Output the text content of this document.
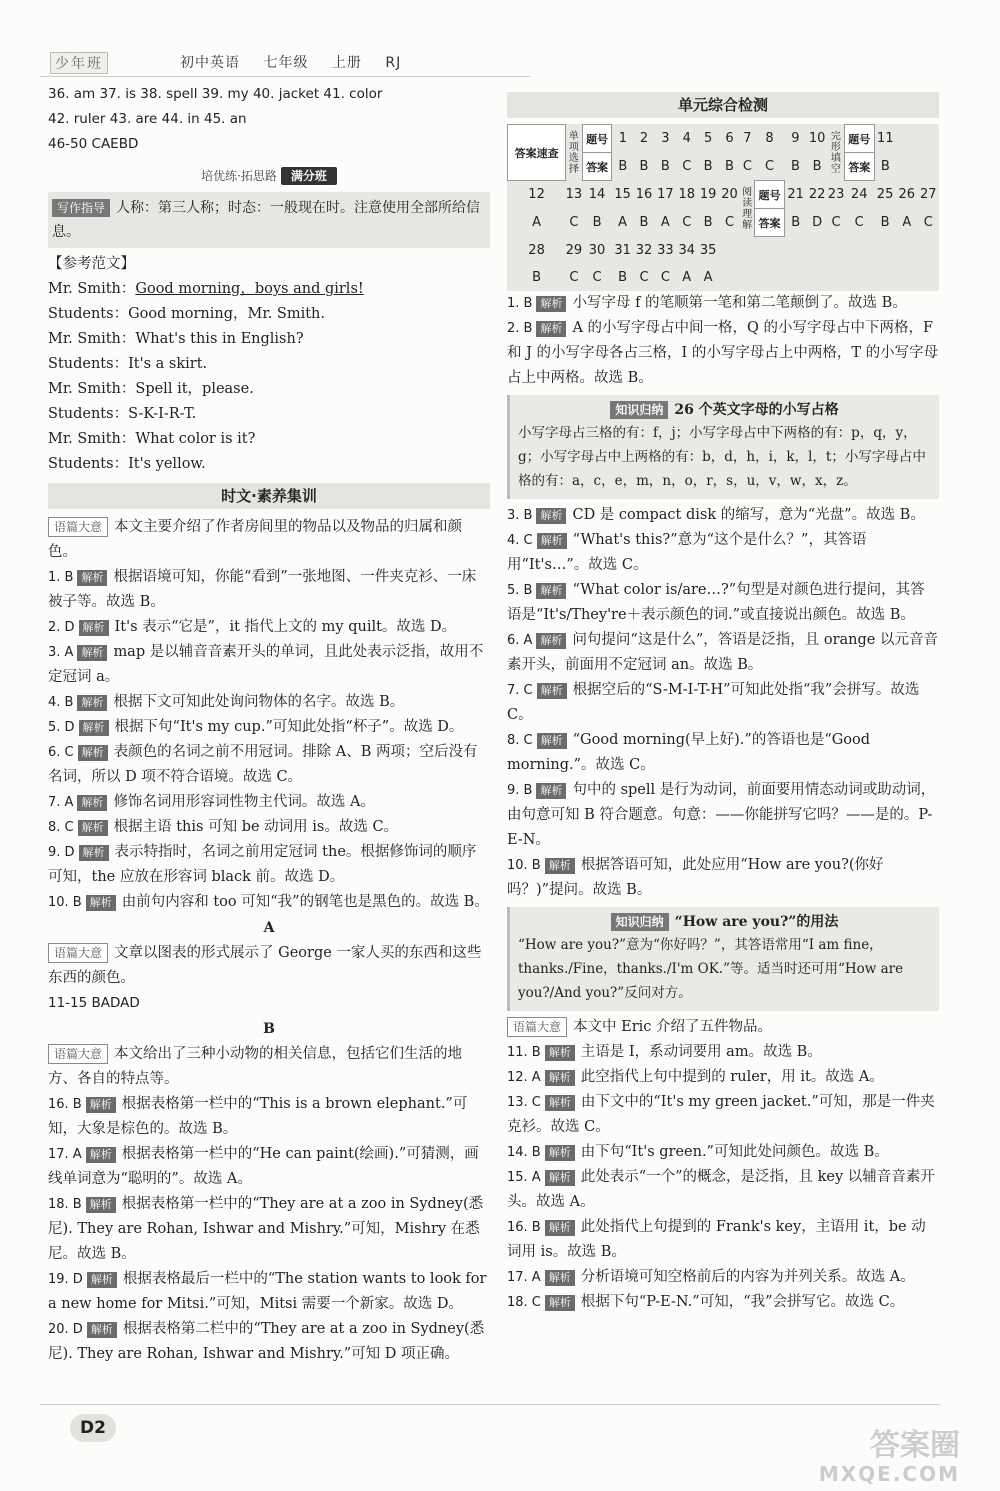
少年班	初中英语 七年级 上册 RJ
36. am 37. is 38. spell 39. my 40. jacket 41. color
42. ruler 43. are 44. in 45. an
46-50 CAEBD
培优练·拓思路 满分班
写作指导 人称：第三人称；时态：一般现在时。注意使用全部所给信息。
【参考范文】
Mr. Smith：Good morning，boys and girls!
Students：Good morning，Mr. Smith.
Mr. Smith：What's this in English?
Students：It's a skirt.
Mr. Smith：Spell it，please.
Students：S-K-I-R-T.
Mr. Smith：What color is it?
Students：It's yellow.
时文·素养集训
语篇大意 本文主要介绍了作者房间里的物品以及物品的归属和颜色。
1. B 解析 根据语境可知，你能“看到”一张地图、一件夹克衫、一床被子等。故选 B。
2. D 解析 It's 表示“它是”，it 指代上文的 my quilt。故选 D。
3. A 解析 map 是以辅音音素开头的单词，且此处表示泛指，故用不定冠词 a。
4. B 解析 根据下文可知此处询问物体的名字。故选 B。
5. D 解析 根据下句“It's my cup.”可知此处指“杯子”。故选 D。
6. C 解析 表颜色的名词之前不用冠词。排除 A、B 两项；空后没有名词，所以 D 项不符合语境。故选 C。
7. A 解析 修饰名词用形容词性物主代词。故选 A。
8. C 解析 根据主语 this 可知 be 动词用 is。故选 C。
9. D 解析 表示特指时，名词之前用定冠词 the。根据修饰词的顺序可知，the 应放在形容词 black 前。故选 D。
10. B 解析 由前句内容和 too 可知“我”的钢笔也是黑色的。故选 B。
A
语篇大意 文章以图表的形式展示了 George 一家人买的东西和这些东西的颜色。
11-15 BADAD
B
语篇大意 本文给出了三种小动物的相关信息，包括它们生活的地方、各自的特点等。
16. B 解析 根据表格第一栏中的“This is a brown elephant.”可知，大象是棕色的。故选 B。
17. A 解析 根据表格第一栏中的“He can paint(绘画).”可猜测，画线单词意为“聪明的”。故选 A。
18. B 解析 根据表格第一栏中的“They are at a zoo in Sydney(悉尼). They are Rohan, Ishwar and Mishry.”可知，Mishry 在悉尼。故选 B。
19. D 解析 根据表格最后一栏中的“The station wants to look for a new home for Mitsi.”可知，Mitsi 需要一个新家。故选 D。
20. D 解析 根据表格第二栏中的“They are at a zoo in Sydney(悉尼). They are Rohan, Ishwar and Mishry.”可知 D 项正确。
单元综合检测
答案速查	单项选择	题号	1	2	3	4	5	6	7	8	9	10	完形填空	题号	11		
		答案	B	B	B	C	B	B	C	C	B	B		答案	B		
12	13	14	15	16	17	18	19	20	阅读理解	题号	21	22	23	24	25	26	27
A	C	B	A	B	A	C	B	C		答案	B	D	C	C	B	A	C
28	29	30	31	32	33	34	35										
B	C	C	B	C	C	A	A										
1. B 解析 小写字母 f 的笔顺第一笔和第二笔颠倒了。故选 B。
2. B 解析 A 的小写字母占中间一格，Q 的小写字母占中下两格，F 和 J 的小写字母各占三格，I 的小写字母占上中两格，T 的小写字母占上中两格。故选 B。
知识归纳 26 个英文字母的小写占格
小写字母占三格的有：f，j；小写字母占中下两格的有：p，q，y，g；小写字母占中上两格的有：b，d，h，i，k，l，t；小写字母占中格的有：a，c，e，m，n，o，r，s，u，v，w，x，z。
3. B 解析 CD 是 compact disk 的缩写，意为“光盘”。故选 B。
4. C 解析 “What's this?”意为“这个是什么？”，其答语用“It's…”。故选 C。
5. B 解析 “What color is/are…?”句型是对颜色进行提问，其答语是“It's/They're＋表示颜色的词.”或直接说出颜色。故选 B。
6. A 解析 问句提问“这是什么”，答语是泛指，且 orange 以元音音素开头，前面用不定冠词 an。故选 B。
7. C 解析 根据空后的“S-M-I-T-H”可知此处指“我”会拼写。故选 C。
8. C 解析 “Good morning(早上好).”的答语也是“Good morning.”。故选 C。
9. B 解析 句中的 spell 是行为动词，前面要用情态动词或助动词，由句意可知 B 符合题意。句意：——你能拼写它吗？——是的。P-E-N。
10. B 解析 根据答语可知，此处应用“How are you?(你好吗？)”提问。故选 B。
知识归纳 “How are you?”的用法
“How are you?”意为“你好吗？”，其答语常用“I am fine，thanks./Fine，thanks./I'm OK.”等。适当时还可用“How are you?/And you?”反问对方。
语篇大意 本文中 Eric 介绍了五件物品。
11. B 解析 主语是 I，系动词要用 am。故选 B。
12. A 解析 此空指代上句中提到的 ruler，用 it。故选 A。
13. C 解析 由下文中的“It's my green jacket.”可知，那是一件夹克衫。故选 C。
14. B 解析 由下句“It's green.”可知此处问颜色。故选 B。
15. A 解析 此处表示“一个”的概念，是泛指，且 key 以辅音音素开头。故选 A。
16. B 解析 此处指代上句提到的 Frank's key，主语用 it，be 动词用 is。故选 B。
17. A 解析 分析语境可知空格前后的内容为并列关系。故选 A。
18. C 解析 根据下句“P-E-N.”可知，“我”会拼写它。故选 C。
D2	答案圈
MXQE.COM
